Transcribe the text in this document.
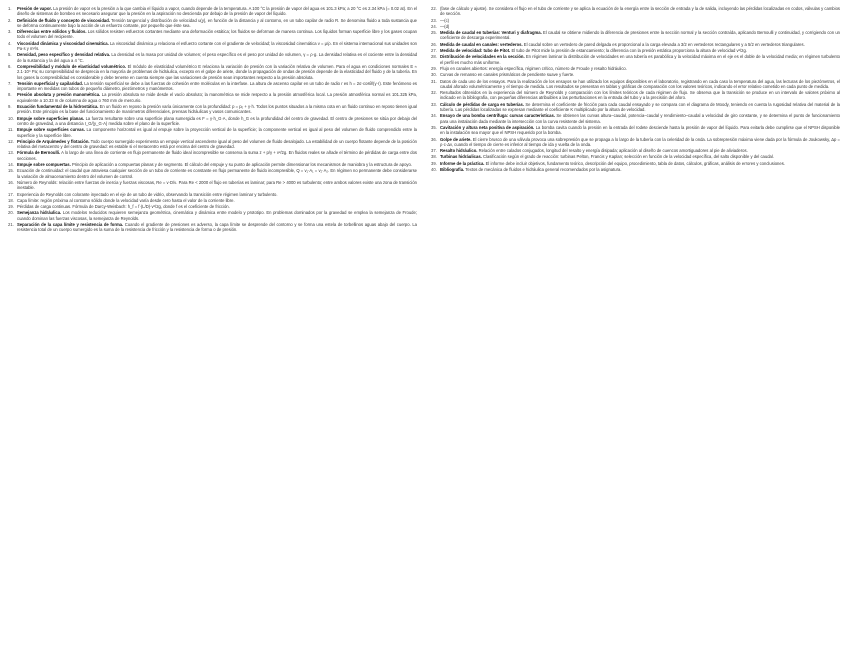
1.	Presión de vapor. La presión de vapor es la presión a la que cambia el líquido a vapor, cuando depende de la temperatura. A 100 °C la presión de vapor del agua es 101.3 kPa; a 20 °C es 2.34 kPa (= 0.02 at). En el diseño de sistemas de bombeo es necesario asegurar que la presión en la aspiración no descienda por debajo de la presión de vapor del líquido.
2.	Definición de fluido y concepto de viscosidad. Tensión tangencial y distribución de velocidad u(y), en función de la distancia y al contorno, en un tubo capilar de radio R. Se denomina fluido a toda sustancia que se deforma continuamente bajo la acción de un esfuerzo cortante, por pequeño que éste sea.
3.	Diferencias entre sólidos y fluidos. Los sólidos resisten esfuerzos cortantes mediante una deformación estática; los fluidos se deforman de manera continua. Los líquidos forman superficie libre y los gases ocupan todo el volumen del recipiente.
4.	Viscosidad dinámica y viscosidad cinemática. La viscosidad dinámica μ relaciona el esfuerzo cortante con el gradiente de velocidad; la viscosidad cinemática ν = μ/ρ. En el sistema internacional sus unidades son Pa·s y m²/s.
5.	Densidad, peso específico y densidad relativa. La densidad es la masa por unidad de volumen; el peso específico es el peso por unidad de volumen, γ = ρ·g. La densidad relativa es el cociente entre la densidad de la sustancia y la del agua a 4 °C.
6.	Compresibilidad y módulo de elasticidad volumétrico. El módulo de elasticidad volumétrico E relaciona la variación de presión con la variación relativa de volumen. Para el agua en condiciones normales E ≈ 2.1·10⁹ Pa; su compresibilidad se desprecia en la mayoría de problemas de hidráulica, excepto en el golpe de ariete, donde la propagación de ondas de presión depende de la elasticidad del fluido y de la tubería. En los gases la compresibilidad es considerable y debe tenerse en cuenta siempre que las variaciones de presión sean importantes respecto a la presión absoluta.
7.	Tensión superficial y capilaridad. La tensión superficial se debe a las fuerzas de cohesión entre moléculas en la interfase. La altura de ascenso capilar en un tubo de radio r es h = 2σ·cosθ/(γ·r). Este fenómeno es importante en medidas con tubos de pequeño diámetro, piezómetros y manómetros.
8.	Presión absoluta y presión manométrica. La presión absoluta se mide desde el vacío absoluto; la manométrica se mide respecto a la presión atmosférica local. La presión atmosférica normal es 101.325 kPa, equivalente a 10.33 m de columna de agua o 760 mm de mercurio.
9.	Ecuación fundamental de la hidrostática. En un fluido en reposo la presión varía únicamente con la profundidad: p = p₀ + γ·h. Todos los puntos situados a la misma cota en un fluido continuo en reposo tienen igual presión. Este principio es la base del funcionamiento de manómetros diferenciales, prensas hidráulicas y vasos comunicantes.
10. Empuje sobre superficies planas. La fuerza resultante sobre una superficie plana sumergida es F = γ·h_G·A, donde h_G es la profundidad del centro de gravedad. El centro de presiones se sitúa por debajo del centro de gravedad, a una distancia I_G/(y_G·A) medida sobre el plano de la superficie.
11. Empuje sobre superficies curvas. La componente horizontal es igual al empuje sobre la proyección vertical de la superficie; la componente vertical es igual al peso del volumen de fluido comprendido entre la superficie y la superficie libre.
12. Principio de Arquímedes y flotación. Todo cuerpo sumergido experimenta un empuje vertical ascendente igual al peso del volumen de fluido desalojado. La estabilidad de un cuerpo flotante depende de la posición relativa del metacentro y del centro de gravedad: es estable si el metacentro está por encima del centro de gravedad.
13. Fórmula de Bernoulli. A lo largo de una línea de corriente en flujo permanente de fluido ideal incompresible se conserva la suma z + p/γ + v²/2g. En fluidos reales se añade el término de pérdidas de carga entre dos secciones.
14. Empuje sobre compuertas. Principio de aplicación a compuertas planas y de segmento. El cálculo del empuje y su punto de aplicación permite dimensionar los mecanismos de maniobra y la estructura de apoyo.
15. Ecuación de continuidad: el caudal que atraviesa cualquier sección de un tubo de corriente es constante en flujo permanente de fluido incompresible, Q = v₁·A₁ = v₂·A₂. En régimen no permanente debe considerarse la variación de almacenamiento dentro del volumen de control.
16. Número de Reynolds: relación entre fuerzas de inercia y fuerzas viscosas, Re = v·D/ν. Para Re < 2000 el flujo en tuberías es laminar; para Re > 4000 es turbulento; entre ambos valores existe una zona de transición inestable.
17. Experiencia de Reynolds con colorante inyectado en el eje de un tubo de vidrio, observando la transición entre régimen laminar y turbulento.
18. Capa límite: región próxima al contorno sólido donde la velocidad varía desde cero hasta el valor de la corriente libre.
19. Pérdidas de carga continuas. Fórmula de Darcy-Weisbach: h_f = f·(L/D)·v²/2g, donde f es el coeficiente de fricción.
20. Semejanza hidráulica. Los modelos reducidos requieren semejanza geométrica, cinemática y dinámica entre modelo y prototipo. En problemas dominados por la gravedad se emplea la semejanza de Froude; cuando dominan las fuerzas viscosas, la semejanza de Reynolds.
21. Separación de la capa límite y resistencia de forma. Cuando el gradiente de presiones es adverso, la capa límite se desprende del contorno y se forma una estela de torbellinos aguas abajo del cuerpo. La resistencia total de un cuerpo sumergido es la suma de la resistencia de fricción y la resistencia de forma o de presión.
22. (fase de cálculo y ajuste). Se considera el flujo en el tubo de corriente y se aplica la ecuación de la energía entre la sección de entrada y la de salida, incluyendo las pérdidas localizadas en codos, válvulas y cambios de sección.
23. —(c)
24. —(d)
25. Medida de caudal en tuberías: Venturi y diafragma. El caudal se obtiene midiendo la diferencia de presiones entre la sección normal y la sección contraída, aplicando Bernoulli y continuidad, y corrigiendo con un coeficiente de descarga experimental.
26. Medida de caudal en canales: vertederos. El caudal sobre un vertedero de pared delgada es proporcional a la carga elevada a 3/2 en vertederos rectangulares y a 5/2 en vertederos triangulares.
27. Medida de velocidad: tubo de Pitot. El tubo de Pitot mide la presión de estancamiento; la diferencia con la presión estática proporciona la altura de velocidad v²/2g.
28. Distribución de velocidades en la sección. En régimen laminar la distribución de velocidades en una tubería es parabólica y la velocidad máxima en el eje es el doble de la velocidad media; en régimen turbulento el perfil es mucho más uniforme.
29. Flujo en canales abiertos: energía específica, régimen crítico, número de Froude y resalto hidráulico.
30. Curvas de remanso en canales prismáticos de pendiente suave y fuerte.
31. Datos de cada uno de los ensayos. Para la realización de los ensayos se han utilizado los equipos disponibles en el laboratorio, registrando en cada caso la temperatura del agua, las lecturas de los piezómetros, el caudal aforado volumétricamente y el tiempo de medida. Los resultados se presentan en tablas y gráficas de comparación con los valores teóricos, indicando el error relativo cometido en cada punto de medida.
32. Resultados obtenidos en la experiencia del número de Reynolds y comparación con los límites teóricos de cada régimen de flujo. Se observa que la transición se produce en un intervalo de valores próximo al indicado en la bibliografía, con pequeñas diferencias atribuibles a las perturbaciones en la entrada del tubo y a la precisión del aforo.
33. Cálculo de pérdidas de carga en tuberías. Se determina el coeficiente de fricción para cada caudal ensayado y se compara con el diagrama de Moody, teniendo en cuenta la rugosidad relativa del material de la tubería. Las pérdidas localizadas se expresan mediante el coeficiente K multiplicado por la altura de velocidad.
34. Ensayo de una bomba centrífuga: curvas características. Se obtienen las curvas altura–caudal, potencia–caudal y rendimiento–caudal a velocidad de giro constante, y se determina el punto de funcionamiento para una instalación dada mediante la intersección con la curva resistente del sistema.
35. Cavitación y altura neta positiva de aspiración. La bomba cavita cuando la presión en la entrada del rodete desciende hasta la presión de vapor del líquido. Para evitarla debe cumplirse que el NPSH disponible en la instalación sea mayor que el NPSH requerido por la bomba.
36. Golpe de ariete. El cierre brusco de una válvula provoca una sobrepresión que se propaga a lo largo de la tubería con la celeridad de la onda. La sobrepresión máxima viene dada por la fórmula de Joukowsky, Δp = ρ·c·Δv, cuando el tiempo de cierre es inferior al tiempo de ida y vuelta de la onda.
37. Resalto hidráulico. Relación entre calados conjugados, longitud del resalto y energía disipada; aplicación al diseño de cuencos amortiguadores al pie de aliviaderos.
38. Turbinas hidráulicas. Clasificación según el grado de reacción: turbinas Pelton, Francis y Kaplan; selección en función de la velocidad específica, del salto disponible y del caudal.
39. Informe de la práctica. El informe debe incluir objetivos, fundamento teórico, descripción del equipo, procedimiento, tabla de datos, cálculos, gráficas, análisis de errores y conclusiones.
40. Bibliografía. Textos de mecánica de fluidos e hidráulica general recomendados por la asignatura.
